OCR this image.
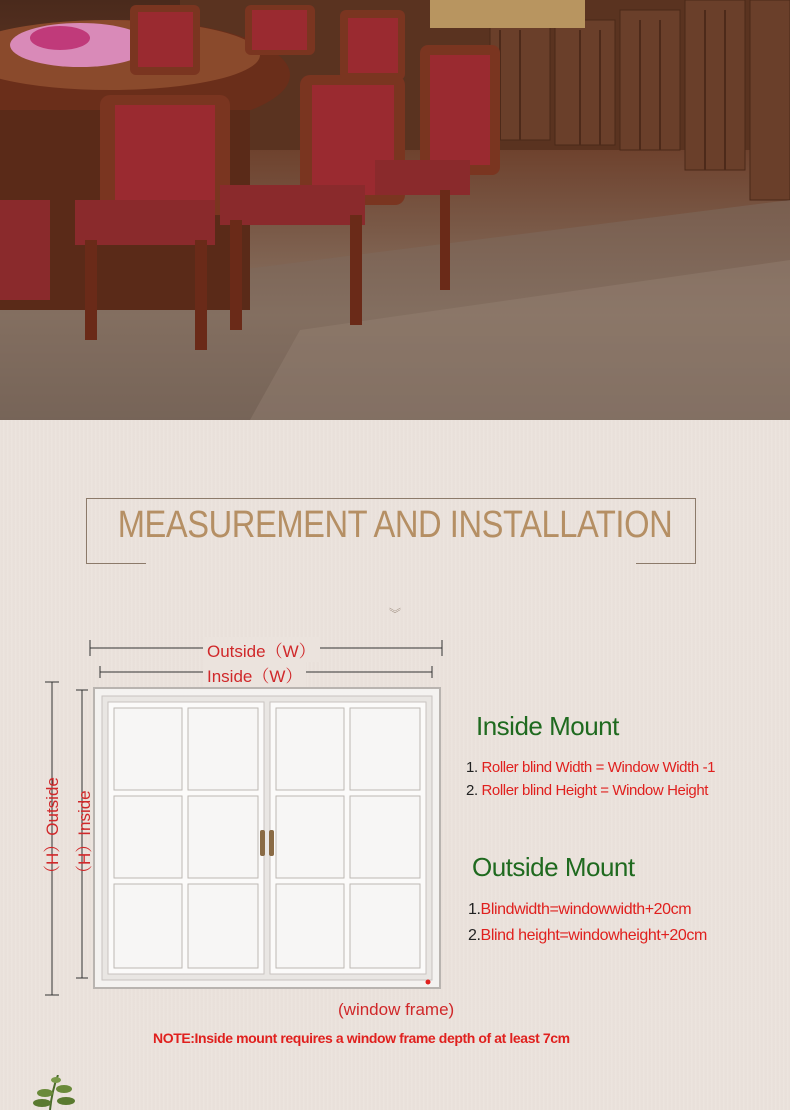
MEASUREMENT AND INSTALLATION
︾
Outside（W）
Inside（W）
（H）Outside （H）Inside
Inside Mount
1. Roller blind Width = Window Width -1
2. Roller blind Height = Window Height
Outside Mount
1.Blindwidth=windowwidth+20cm
2.Blind height=windowheight+20cm
(window frame)
NOTE:Inside mount requires a window frame depth of at least 7cm
